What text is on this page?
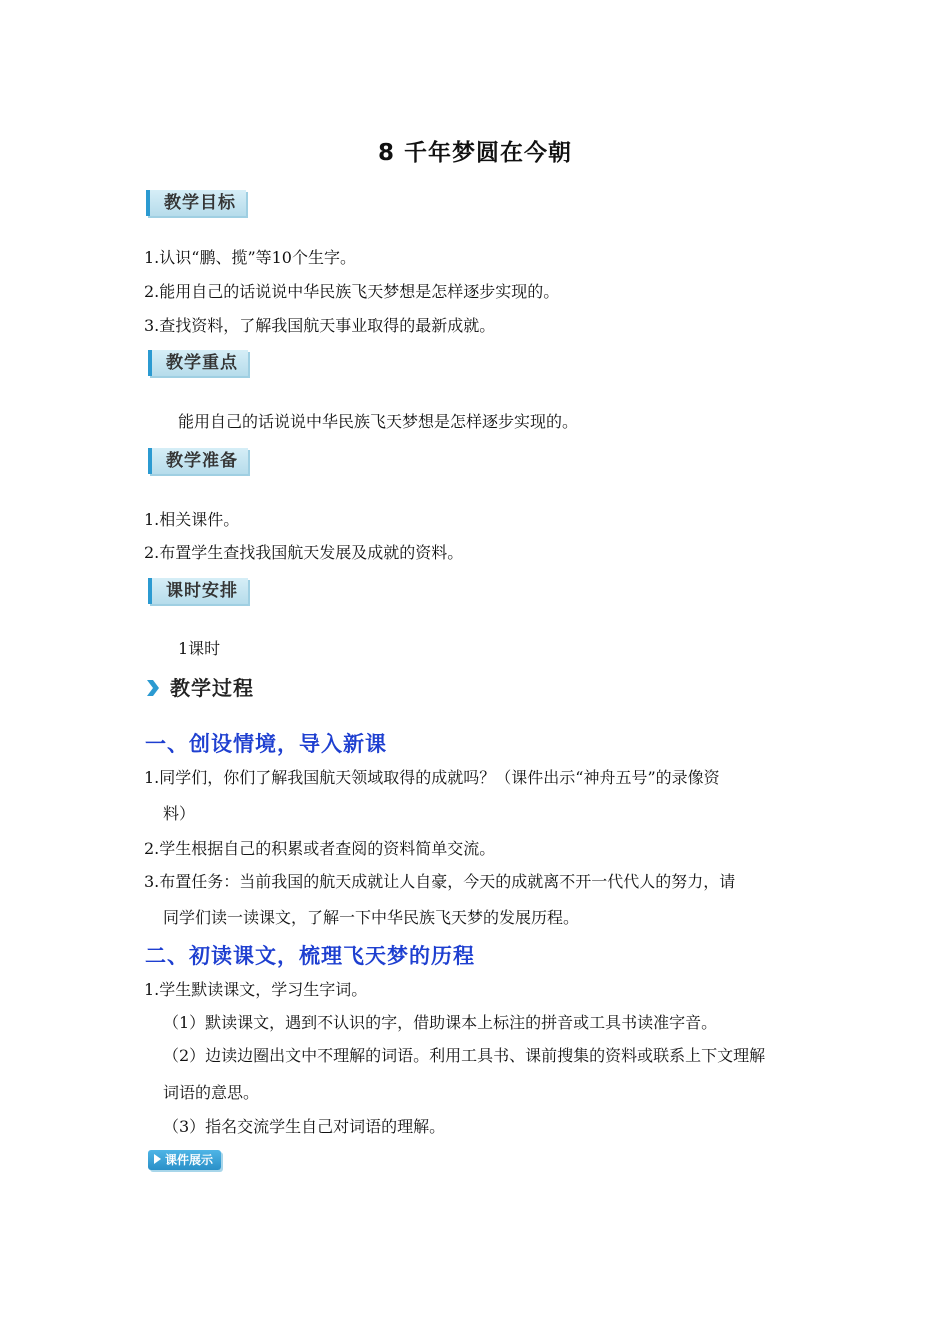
8 千年梦圆在今朝
教学目标
1.认识“鹏、揽”等10个生字。
2.能用自己的话说说中华民族飞天梦想是怎样逐步实现的。
3.查找资料，了解我国航天事业取得的最新成就。
教学重点
能用自己的话说说中华民族飞天梦想是怎样逐步实现的。
教学准备
1.相关课件。
2.布置学生查找我国航天发展及成就的资料。
课时安排
1课时
教学过程
一、创设情境，导入新课
1.同学们，你们了解我国航天领域取得的成就吗？（课件出示“神舟五号”的录像资
料）
2.学生根据自己的积累或者查阅的资料简单交流。
3.布置任务：当前我国的航天成就让人自豪，今天的成就离不开一代代人的努力，请
同学们读一读课文，了解一下中华民族飞天梦的发展历程。
二、初读课文，梳理飞天梦的历程
1.学生默读课文，学习生字词。
（1）默读课文，遇到不认识的字，借助课本上标注的拼音或工具书读准字音。
（2）边读边圈出文中不理解的词语。利用工具书、课前搜集的资料或联系上下文理解
词语的意思。
（3）指名交流学生自己对词语的理解。
课件展示
